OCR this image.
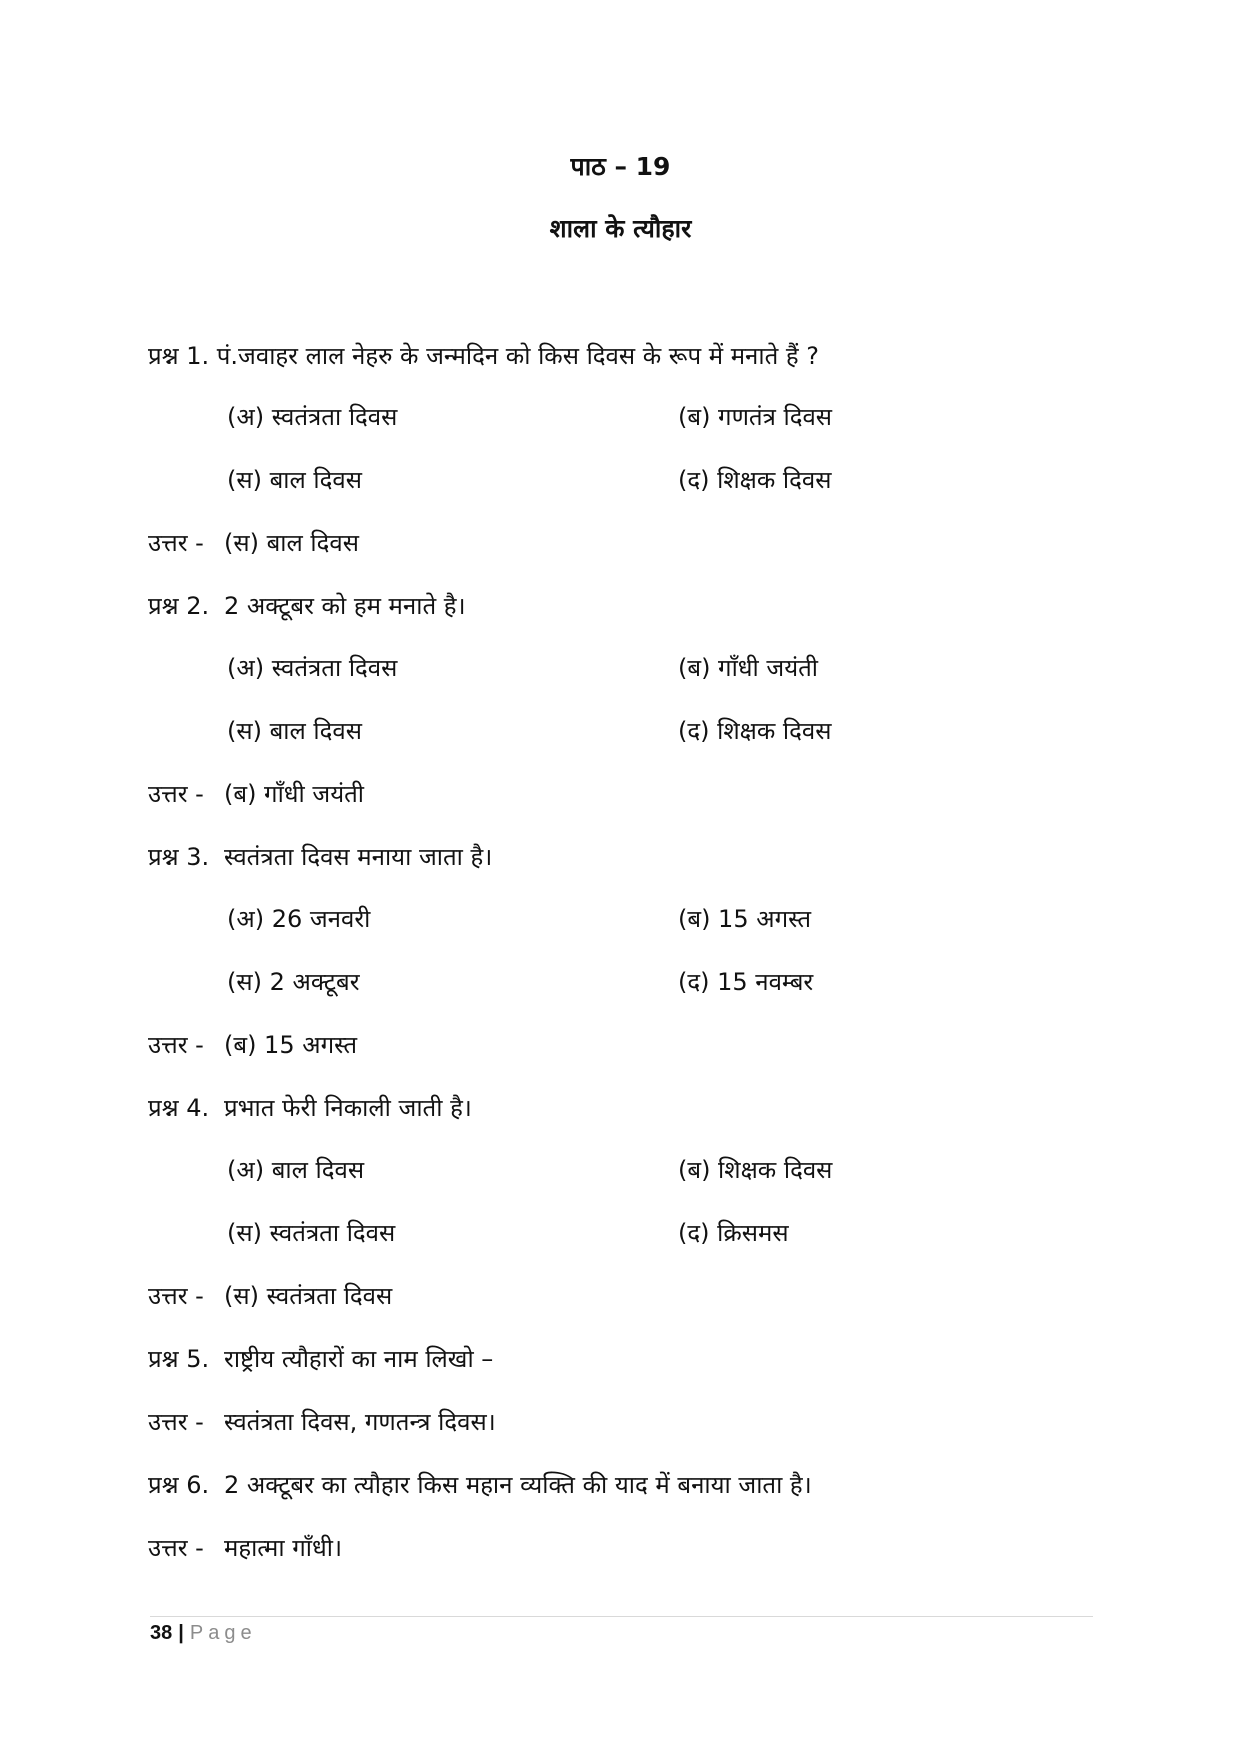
पाठ – 19
शाला के त्यौहार
प्रश्न 1. पं.जवाहर लाल नेहरु के जन्मदिन को किस दिवस के रूप में मनाते हैं ?
(अ) स्वतंत्रता दिवस	(ब) गणतंत्र दिवस
(स) बाल दिवस	(द) शिक्षक दिवस
उत्तर - (स) बाल दिवस
प्रश्न 2. 2 अक्टूबर को हम मनाते है।
(अ) स्वतंत्रता दिवस	(ब) गाँधी जयंती
(स) बाल दिवस	(द) शिक्षक दिवस
उत्तर - (ब) गाँधी जयंती
प्रश्न 3. स्वतंत्रता दिवस मनाया जाता है।
(अ) 26 जनवरी	(ब) 15 अगस्त
(स) 2 अक्टूबर	(द) 15 नवम्बर
उत्तर - (ब) 15 अगस्त
प्रश्न 4. प्रभात फेरी निकाली जाती है।
(अ) बाल दिवस	(ब) शिक्षक दिवस
(स) स्वतंत्रता दिवस	(द) क्रिसमस
उत्तर - (स) स्वतंत्रता दिवस
प्रश्न 5. राष्ट्रीय त्यौहारों का नाम लिखो –
उत्तर - स्वतंत्रता दिवस, गणतन्त्र दिवस।
प्रश्न 6. 2 अक्टूबर का त्यौहार किस महान व्यक्ति की याद में बनाया जाता है।
उत्तर - महात्मा गाँधी।
38 | Page
